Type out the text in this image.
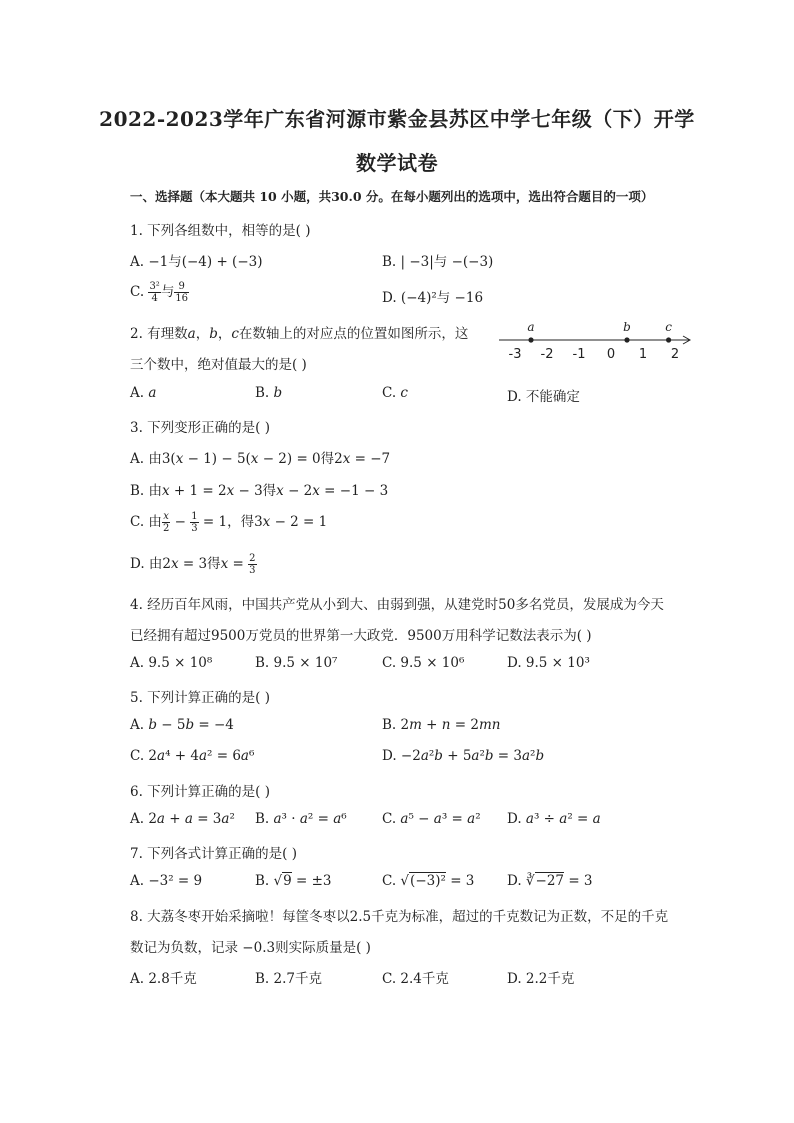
2022-2023学年广东省河源市紫金县苏区中学七年级（下）开学
数学试卷
一、选择题（本大题共 10 小题，共30.0 分。在每小题列出的选项中，选出符合题目的一项）
1. 下列各组数中，相等的是( )
A. −1与(−4) + (−3)	B. | −3|与 −(−3)
C. $\frac{\text{3²}}{4}$ 与 $\frac{9}{16}$	D. (−4)²与 −16
2. 有理数𝑎，𝑏，𝑐在数轴上的对应点的位置如图所示，这
三个数中，绝对值最大的是( )
-3 -2 -1 0 1 2
a	b	c
A. 𝑎	B. 𝑏	C. 𝑐	D. 不能确定
3. 下列变形正确的是( )
A. 由3(𝑥 − 1) − 5(𝑥 − 2) = 0得2𝑥 = −7
B. 由𝑥 + 1 = 2𝑥 − 3得𝑥 − 2𝑥 = −1 − 3
C. 由 $\frac{\text{𝑥}}{2} - \frac{1}{3} = 1$，得3𝑥 − 2 = 1
D. 由2𝑥 = 3得𝑥 = $\frac{2}{3}$
4. 经历百年风雨，中国共产党从小到大、由弱到强，从建党时50多名党员，发展成为今天
已经拥有超过9500万党员的世界第一大政党．9500万用科学记数法表示为( )
A. 9.5 × 10⁸	B. 9.5 × 10⁷	C. 9.5 × 10⁶	D. 9.5 × 10³
5. 下列计算正确的是( )
A. 𝑏 − 5𝑏 = −4	B. 2𝑚 + 𝑛 = 2𝑚𝑛
C. 2𝑎⁴ + 4𝑎² = 6𝑎⁶	D. −2𝑎²𝑏 + 5𝑎²𝑏 = 3𝑎²𝑏
6. 下列计算正确的是( )
A. 2𝑎 + 𝑎 = 3𝑎² B. 𝑎³ · 𝑎² = 𝑎⁶	C. 𝑎⁵ − 𝑎³ = 𝑎² D. 𝑎³ ÷ 𝑎² = 𝑎
7. 下列各式计算正确的是( )
A. −3² = 9	B. √9 = ±3	C. √(−3)² = 3 D. ∛−27 = 3
8. 大荔冬枣开始采摘啦！每筐冬枣以2.5千克为标准，超过的千克数记为正数，不足的千克
数记为负数，记录 −0.3则实际质量是( )
A. 2.8千克	B. 2.7千克	C. 2.4千克	D. 2.2千克
